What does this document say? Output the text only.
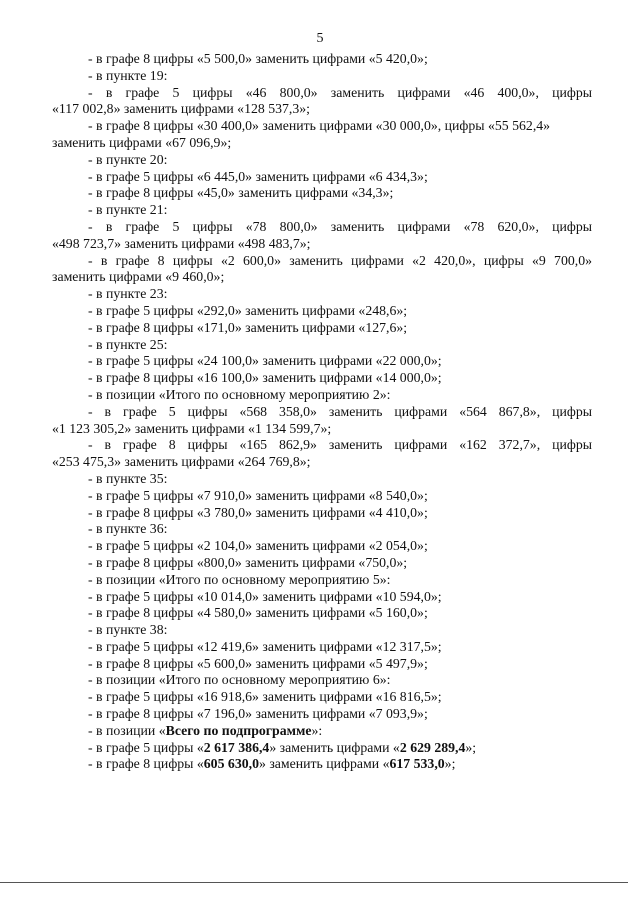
5
- в графе 8 цифры «5 500,0» заменить цифрами «5 420,0»;
- в пункте 19:
- в графе 5 цифры «46 800,0» заменить цифрами «46 400,0», цифры
«117 002,8» заменить цифрами «128 537,3»;
- в графе 8 цифры «30 400,0» заменить цифрами «30 000,0», цифры «55 562,4»
заменить цифрами «67 096,9»;
- в пункте 20:
- в графе 5 цифры «6 445,0» заменить цифрами «6 434,3»;
- в графе 8 цифры «45,0» заменить цифрами «34,3»;
- в пункте 21:
- в графе 5 цифры «78 800,0» заменить цифрами «78 620,0», цифры
«498 723,7» заменить цифрами «498 483,7»;
- в графе 8 цифры «2 600,0» заменить цифрами «2 420,0», цифры «9 700,0»
заменить цифрами «9 460,0»;
- в пункте 23:
- в графе 5 цифры «292,0» заменить цифрами «248,6»;
- в графе 8 цифры «171,0» заменить цифрами «127,6»;
- в пункте 25:
- в графе 5 цифры «24 100,0» заменить цифрами «22 000,0»;
- в графе 8 цифры «16 100,0» заменить цифрами «14 000,0»;
- в позиции «Итого по основному мероприятию 2»:
- в графе 5 цифры «568 358,0» заменить цифрами «564 867,8», цифры
«1 123 305,2» заменить цифрами «1 134 599,7»;
- в графе 8 цифры «165 862,9» заменить цифрами «162 372,7», цифры
«253 475,3» заменить цифрами «264 769,8»;
- в пункте 35:
- в графе 5 цифры «7 910,0» заменить цифрами «8 540,0»;
- в графе 8 цифры «3 780,0» заменить цифрами «4 410,0»;
- в пункте 36:
- в графе 5 цифры «2 104,0» заменить цифрами «2 054,0»;
- в графе 8 цифры «800,0» заменить цифрами «750,0»;
- в позиции «Итого по основному мероприятию 5»:
- в графе 5 цифры «10 014,0» заменить цифрами «10 594,0»;
- в графе 8 цифры «4 580,0» заменить цифрами «5 160,0»;
- в пункте 38:
- в графе 5 цифры «12 419,6» заменить цифрами «12 317,5»;
- в графе 8 цифры «5 600,0» заменить цифрами «5 497,9»;
- в позиции «Итого по основному мероприятию 6»:
- в графе 5 цифры «16 918,6» заменить цифрами «16 816,5»;
- в графе 8 цифры «7 196,0» заменить цифрами «7 093,9»;
- в позиции «Всего по подпрограмме»:
- в графе 5 цифры «2 617 386,4» заменить цифрами «2 629 289,4»;
- в графе 8 цифры «605 630,0» заменить цифрами «617 533,0»;
